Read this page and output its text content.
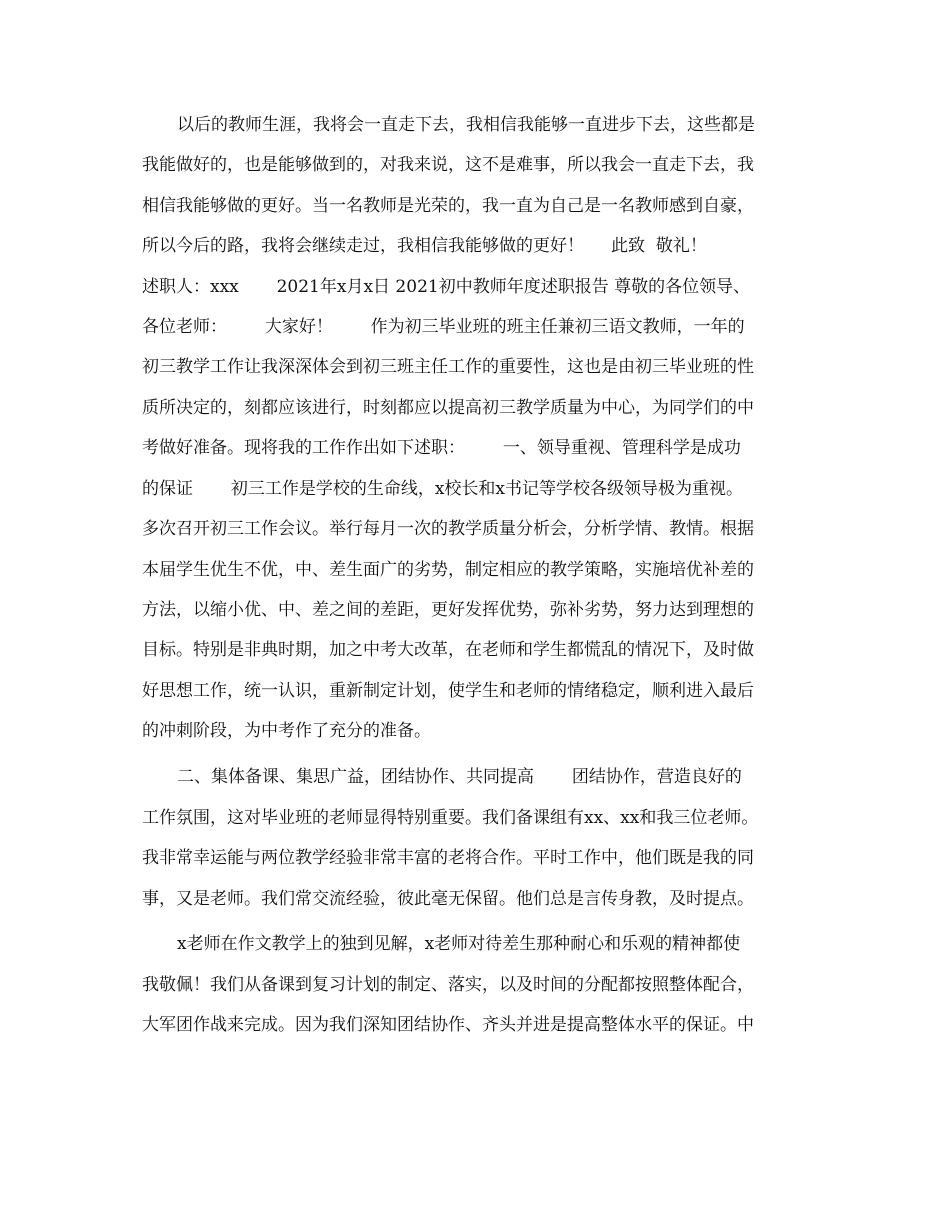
以后的教师生涯，我将会一直走下去，我相信我能够一直进步下去，这些都是
我能做好的，也是能够做到的，对我来说，这不是难事，所以我会一直走下去，我
相信我能够做的更好。当一名教师是光荣的，我一直为自己是一名教师感到自豪，
所以今后的路，我将会继续走过，我相信我能够做的更好！     此致  敬礼！
述职人：xxx       2021年x月x日 2021初中教师年度述职报告 尊敬的各位领导、
各位老师：       大家好！       作为初三毕业班的班主任兼初三语文教师，一年的
初三教学工作让我深深体会到初三班主任工作的重要性，这也是由初三毕业班的性
质所决定的，刻都应该进行，时刻都应以提高初三教学质量为中心，为同学们的中
考做好准备。现将我的工作作出如下述职：       一、领导重视、管理科学是成功
的保证       初三工作是学校的生命线，x校长和x书记等学校各级领导极为重视。
多次召开初三工作会议。举行每月一次的教学质量分析会，分析学情、教情。根据
本届学生优生不优，中、差生面广的劣势，制定相应的教学策略，实施培优补差的
方法，以缩小优、中、差之间的差距，更好发挥优势，弥补劣势，努力达到理想的
目标。特别是非典时期，加之中考大改革，在老师和学生都慌乱的情况下，及时做
好思想工作，统一认识，重新制定计划，使学生和老师的情绪稳定，顺利进入最后
的冲刺阶段，为中考作了充分的准备。
二、集体备课、集思广益，团结协作、共同提高       团结协作，营造良好的
工作氛围，这对毕业班的老师显得特别重要。我们备课组有xx、xx和我三位老师。
我非常幸运能与两位教学经验非常丰富的老将合作。平时工作中，他们既是我的同
事，又是老师。我们常交流经验，彼此毫无保留。他们总是言传身教，及时提点。
x老师在作文教学上的独到见解，x老师对待差生那种耐心和乐观的精神都使
我敬佩！我们从备课到复习计划的制定、落实，以及时间的分配都按照整体配合，
大军团作战来完成。因为我们深知团结协作、齐头并进是提高整体水平的保证。中
